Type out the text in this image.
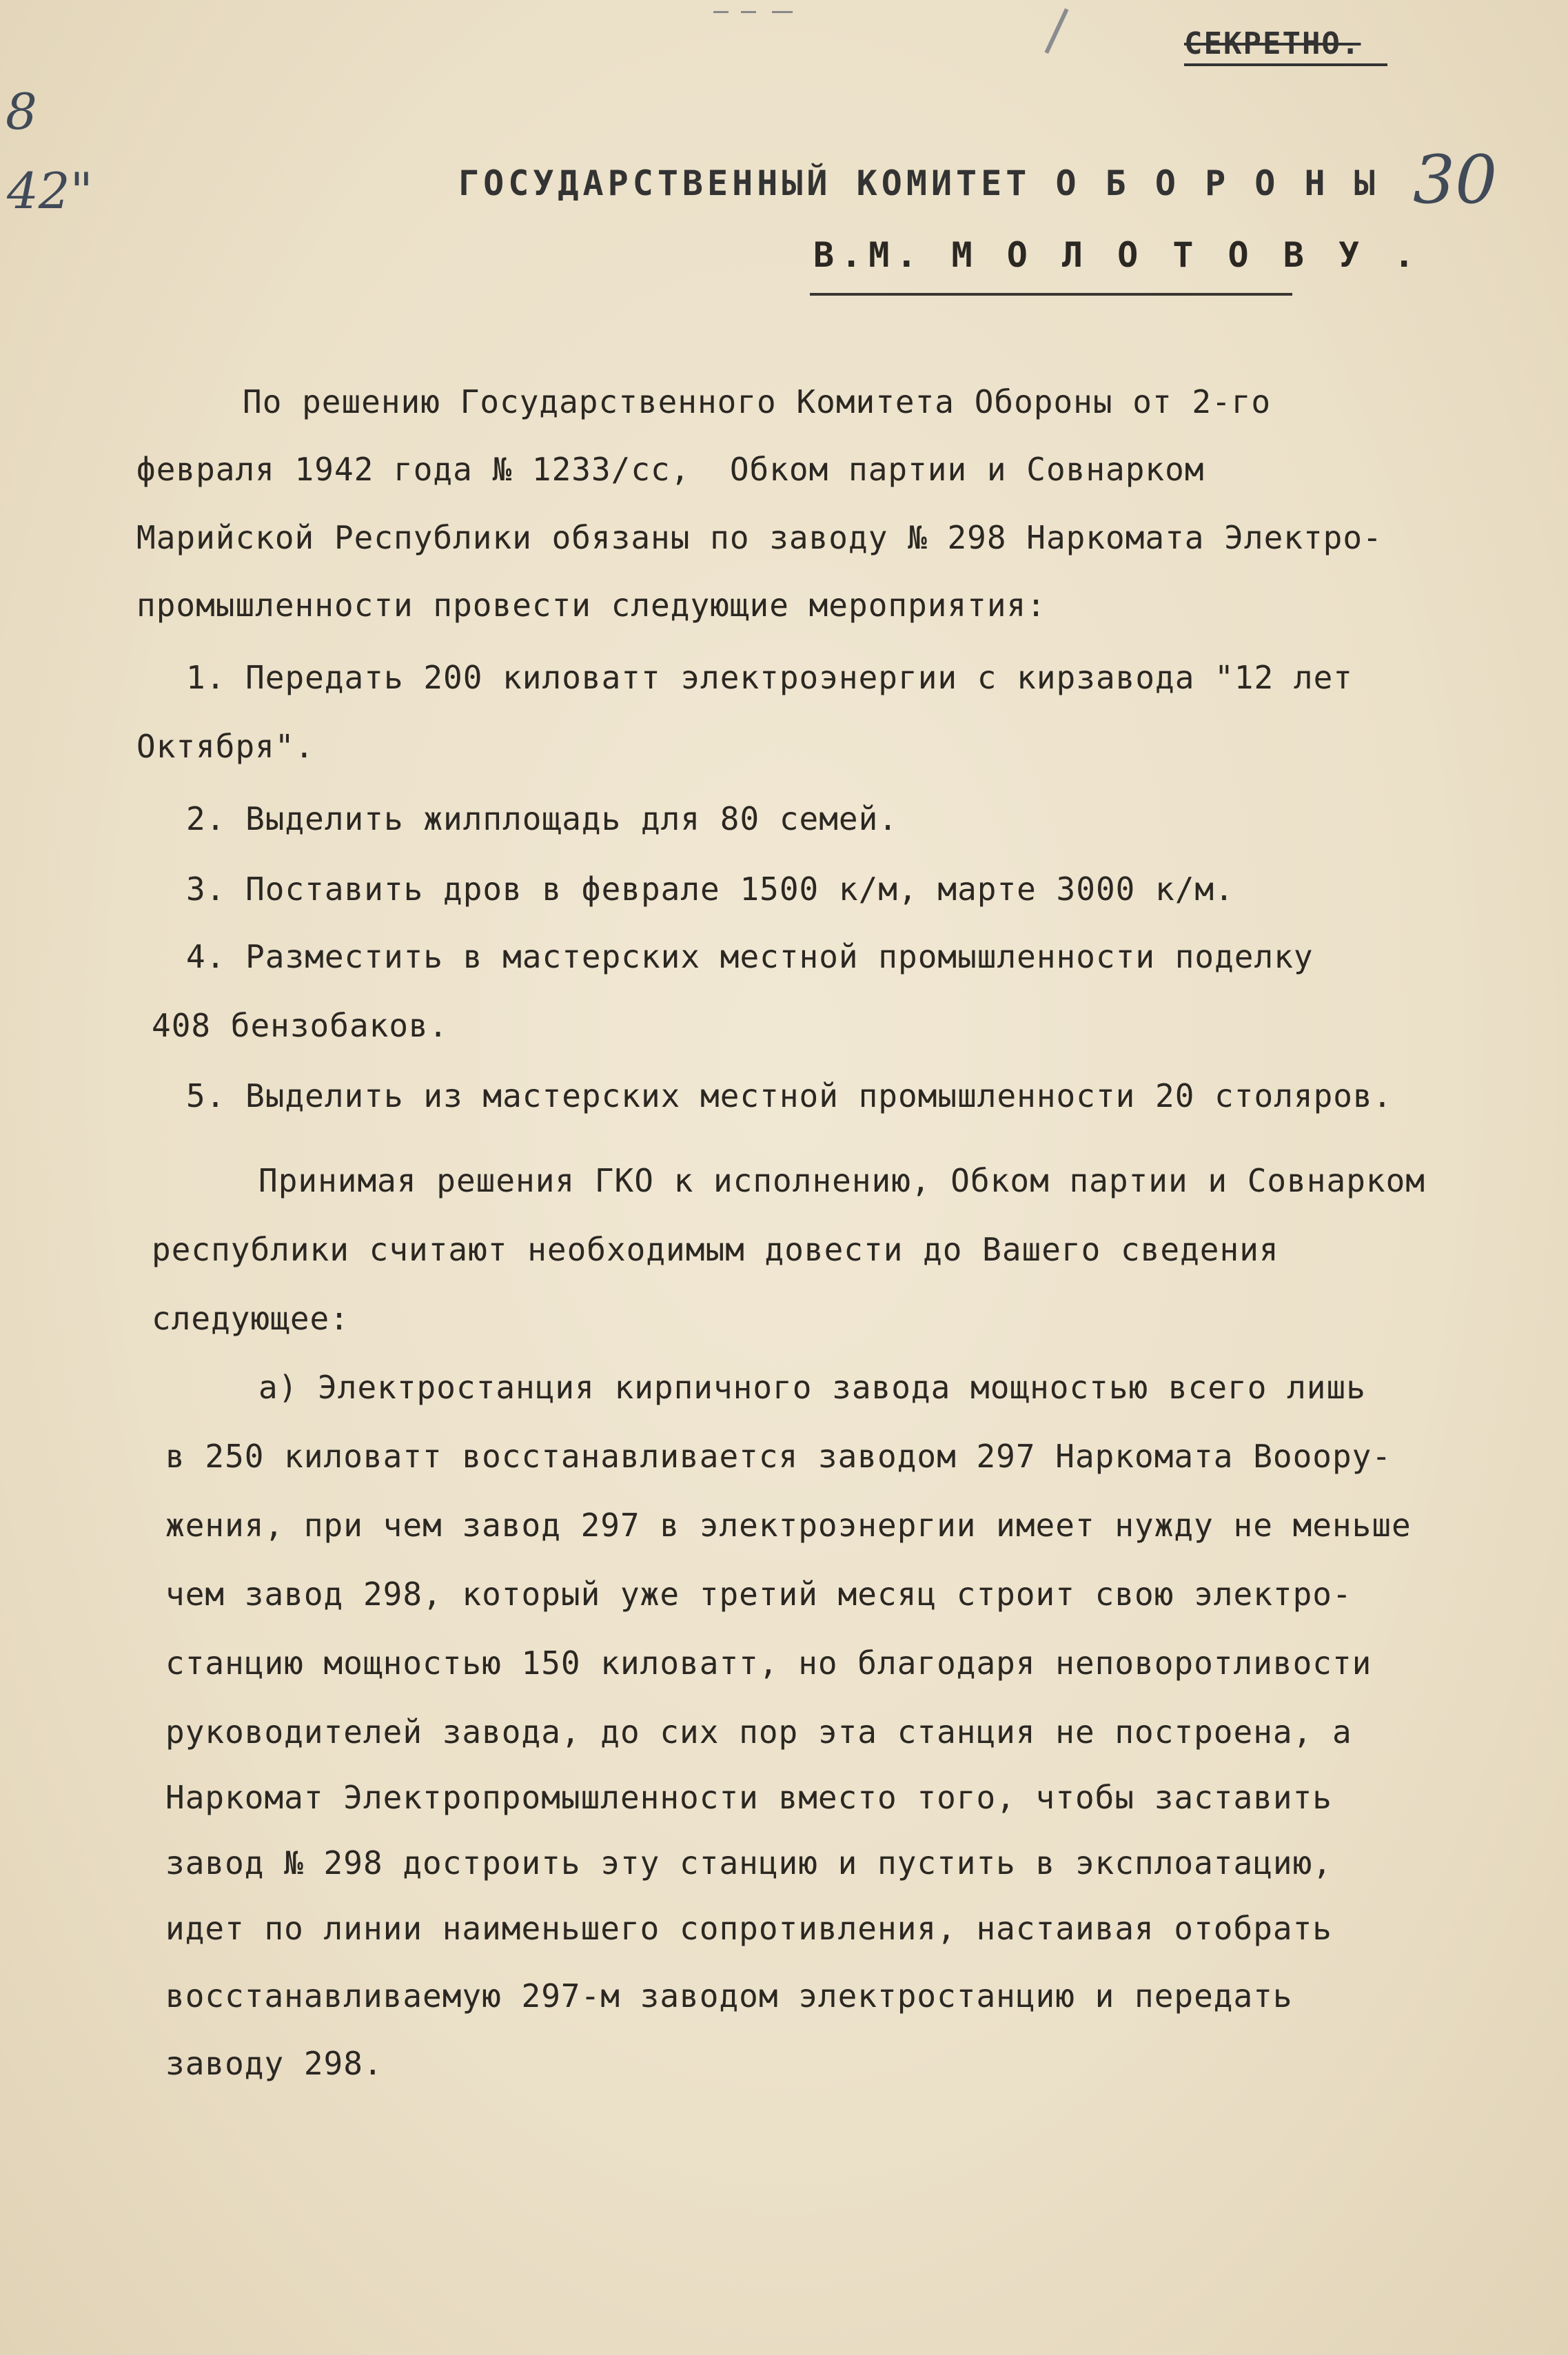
СЕКРЕТНО.
8
42"	30
ГОСУДАРСТВЕННЫЙ КОМИТЕТ О Б О Р О Н Ы
В.М. М О Л О Т О В У .
По решению Государственного Комитета Обороны от 2-го
февраля 1942 года № 1233/сс,  Обком партии и Совнарком
Марийской Республики обязаны по заводу № 298 Наркомата Электро-
промышленности провести следующие мероприятия:
1. Передать 200 киловатт электроэнергии с кирзавода "12 лет
Октября".
2. Выделить жилплощадь для 80 семей.
3. Поставить дров в феврале 1500 к/м, марте 3000 к/м.
4. Разместить в мастерских местной промышленности поделку
408 бензобаков.
5. Выделить из мастерских местной промышленности 20 столяров.
Принимая решения ГКО к исполнению, Обком партии и Совнарком
республики считают необходимым довести до Вашего сведения
следующее:
а) Электростанция кирпичного завода мощностью всего лишь
в 250 киловатт восстанавливается заводом 297 Наркомата Вооору-
жения, при чем завод 297 в электроэнергии имеет нужду не меньше
чем завод 298, который уже третий месяц строит свою электро-
станцию мощностью 150 киловатт, но благодаря неповоротливости
руководителей завода, до сих пор эта станция не построена, а
Наркомат Электропромышленности вместо того, чтобы заставить
завод № 298 достроить эту станцию и пустить в эксплоатацию,
идет по линии наименьшего сопротивления, настаивая отобрать
восстанавливаемую 297-м заводом электростанцию и передать
заводу 298.
